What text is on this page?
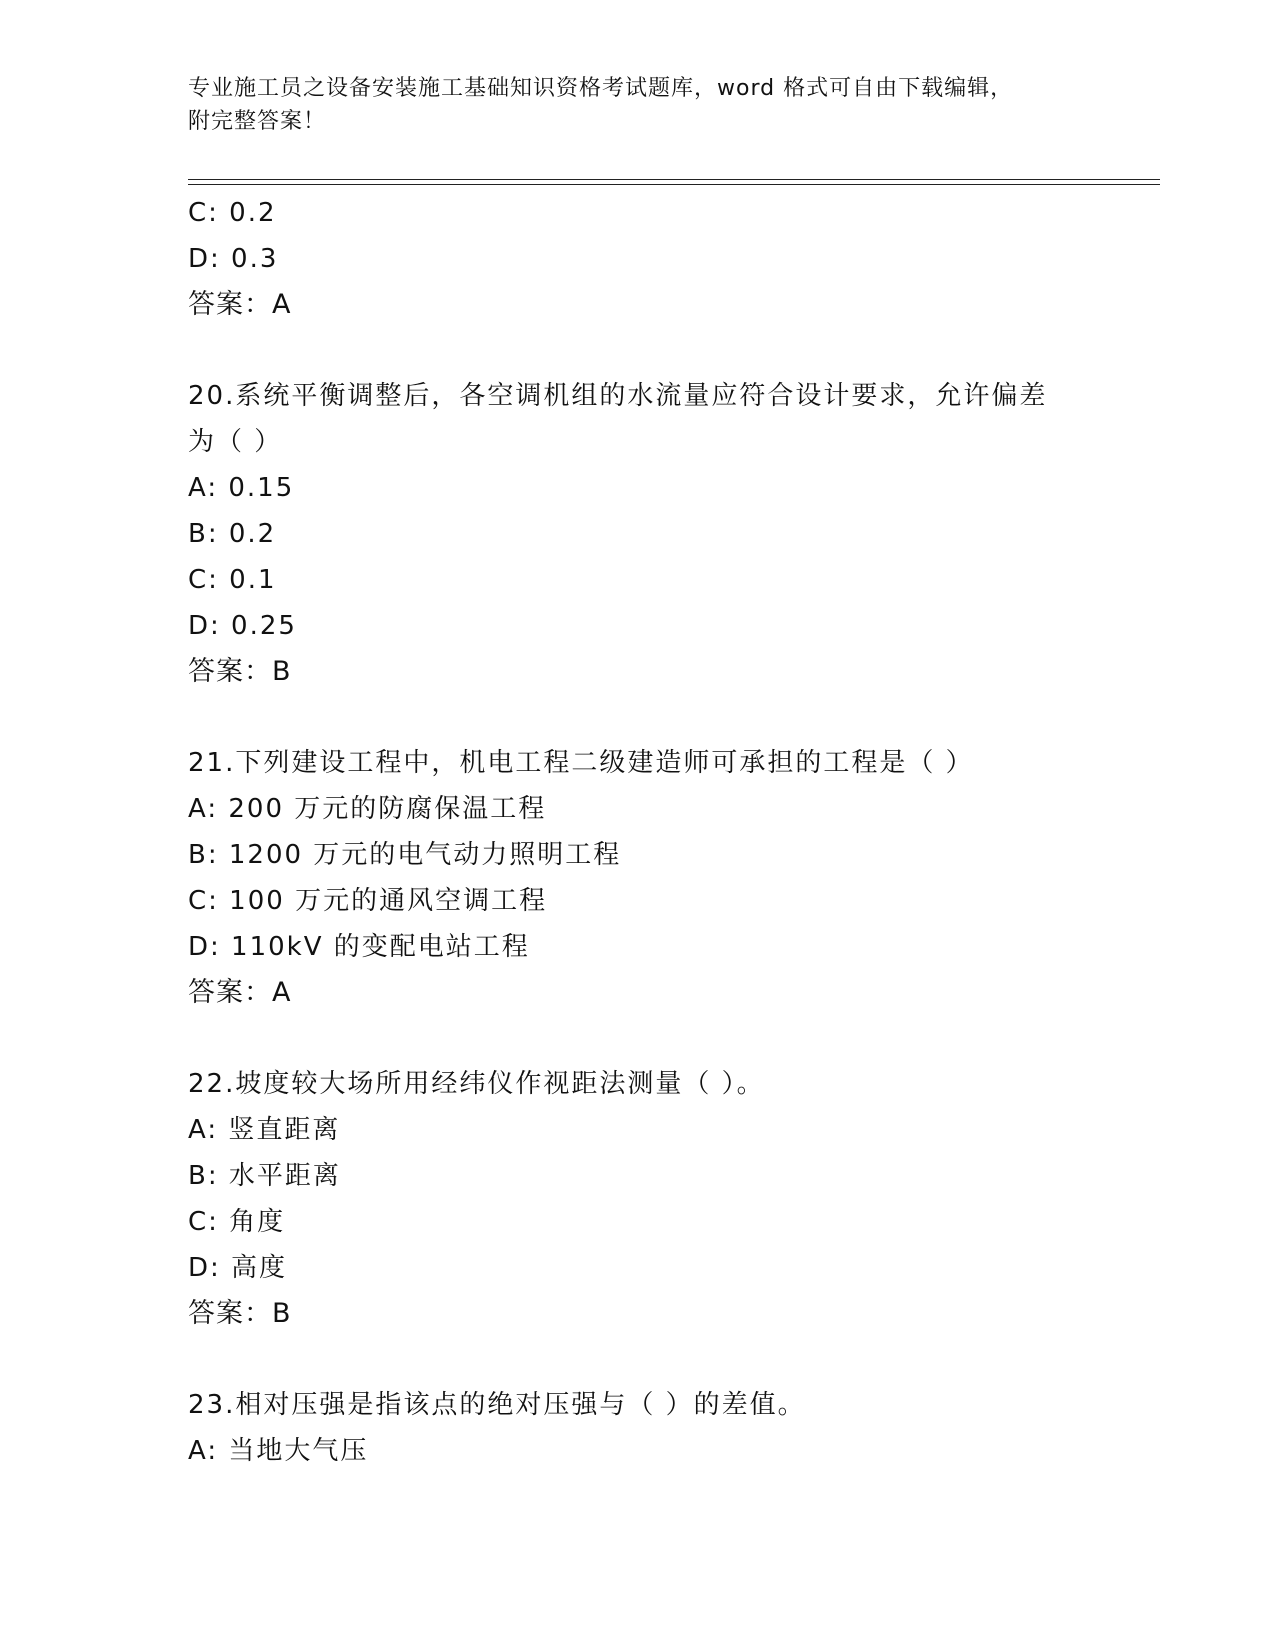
专业施工员之设备安装施工基础知识资格考试题库，word 格式可自由下载编辑，
附完整答案！
C: 0.2
D: 0.3
答案：A
20.系统平衡调整后，各空调机组的水流量应符合设计要求，允许偏差
为（ ）
A: 0.15
B: 0.2
C: 0.1
D: 0.25
答案：B
21.下列建设工程中，机电工程二级建造师可承担的工程是（ ）
A: 200 万元的防腐保温工程
B: 1200 万元的电气动力照明工程
C: 100 万元的通风空调工程
D: 110kV 的变配电站工程
答案：A
22.坡度较大场所用经纬仪作视距法测量（ ）。
A: 竖直距离
B: 水平距离
C: 角度
D: 高度
答案：B
23.相对压强是指该点的绝对压强与（ ）的差值。
A: 当地大气压
